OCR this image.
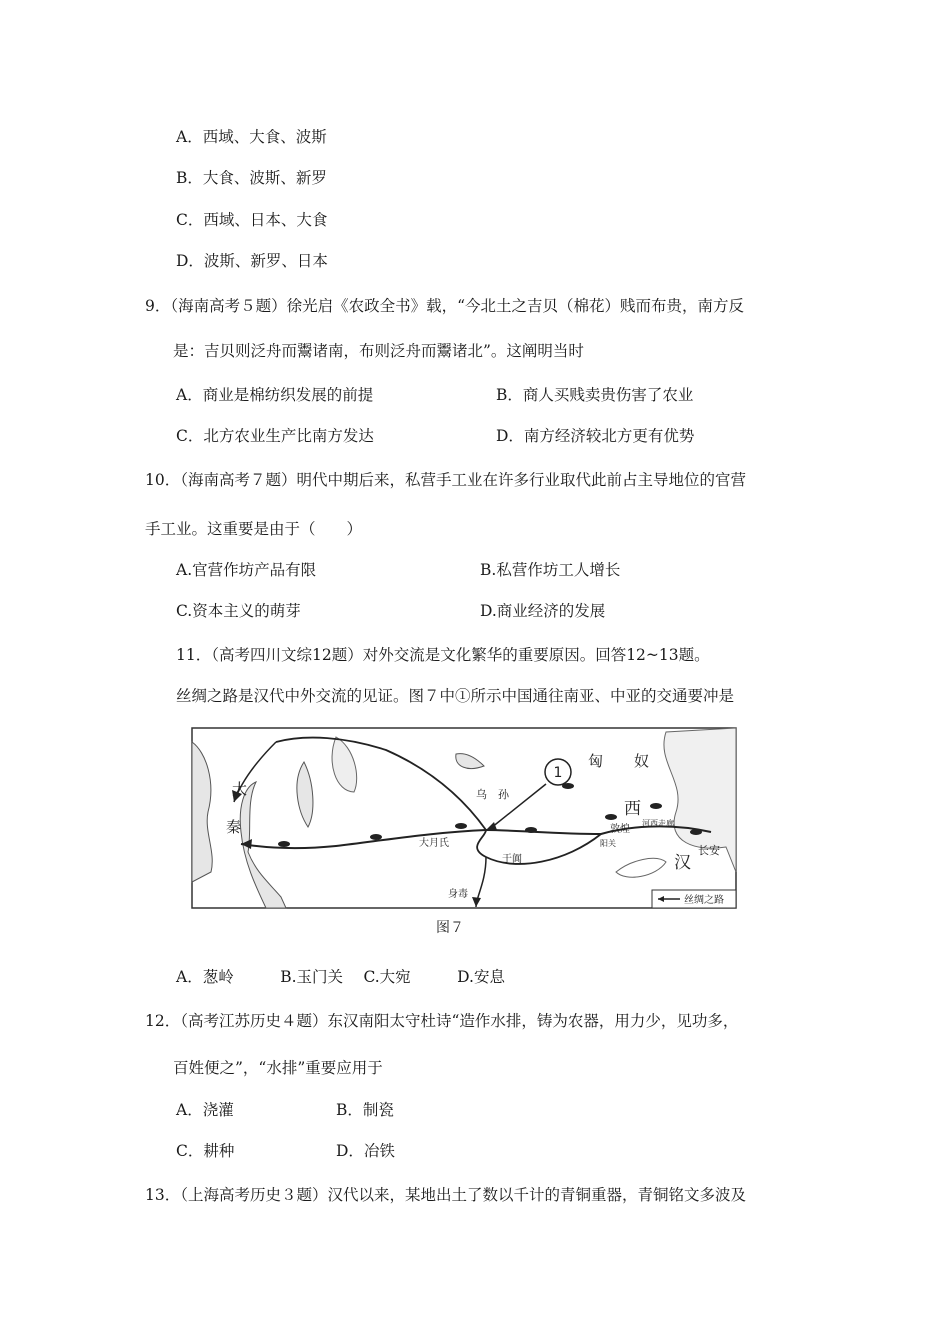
A．西域、大食、波斯
B．大食、波斯、新罗
C．西域、日本、大食
D．波斯、新罗、日本
9．（海南高考５题）徐光启《农政全书》载，“今北土之吉贝（棉花）贱而布贵，南方反
是：吉贝则泛舟而鬻诸南，布则泛舟而鬻诸北”。这阐明当时
A．商业是棉纺织发展的前提	B．商人买贱卖贵伤害了农业
C．北方农业生产比南方发达	D．南方经济较北方更有优势
10．（海南高考７题）明代中期后来，私营手工业在许多行业取代此前占主导地位的官营
手工业。这重要是由于（　　）
A.官营作坊产品有限	B.私营作坊工人增长
C.资本主义的萌芽	D.商业经济的发展
11．（高考四川文综12题）对外交流是文化繁华的重要原因。回答12~13题。
丝绸之路是汉代中外交流的见证。图７中①所示中国通往南亚、中亚的交通要冲是
1
匈 奴
西
汉
乌　孙
大
秦
大月氏
敦煌
阳关
河西走廊
长安
于阗
身毒
丝绸之路
图７
A．葱岭　　　B.玉门关　 C.大宛　　　D.安息
12．（高考江苏历史４题）东汉南阳太守杜诗“造作水排，铸为农器，用力少，见功多，
百姓便之”，“水排”重要应用于
A．浇灌	B．制瓷
C．耕种	D．冶铁
13．（上海高考历史３题）汉代以来，某地出土了数以千计的青铜重器，青铜铭文多波及
